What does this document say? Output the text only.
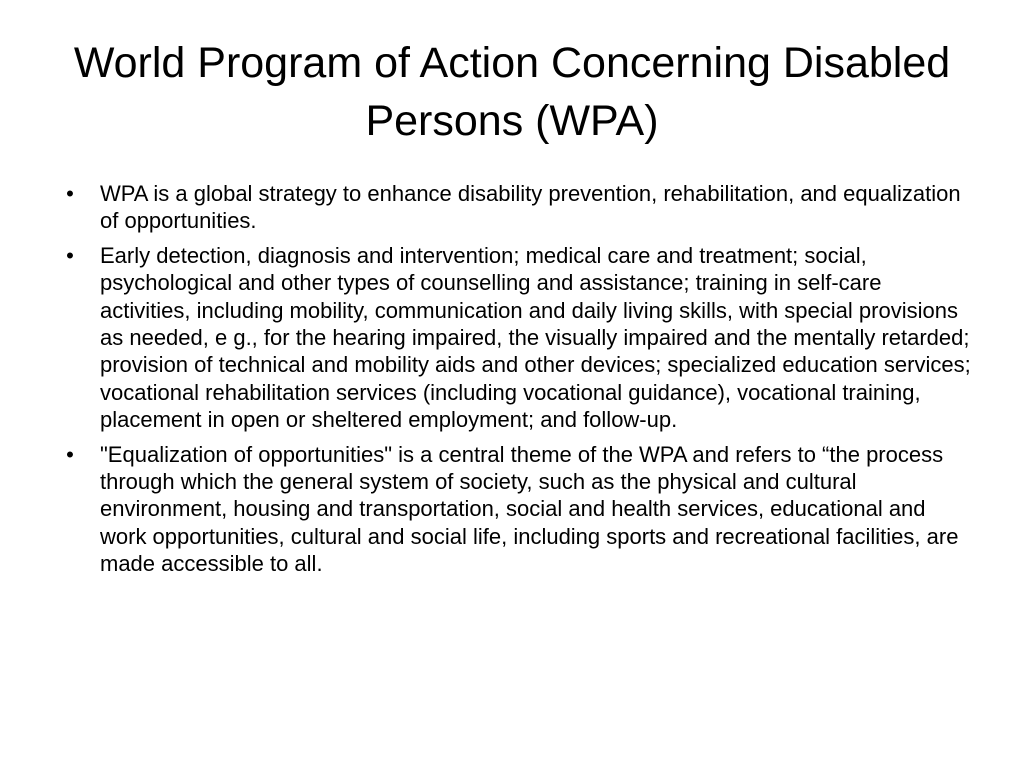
World Program of Action Concerning Disabled Persons (WPA)
• WPA is a global strategy to enhance disability prevention, rehabilitation, and equalization of opportunities.
• Early detection, diagnosis and intervention; medical care and treatment; social, psychological and other types of counselling and assistance; training in self-care activities, including mobility, communication and daily living skills, with special provisions as needed, e g., for the hearing impaired, the visually impaired and the mentally retarded; provision of technical and mobility aids and other devices; specialized education services; vocational rehabilitation services (including vocational guidance), vocational training, placement in open or sheltered employment; and follow-up.
• "Equalization of opportunities" is a central theme of the WPA and refers to “the process through which the general system of society, such as the physical and cultural environment, housing and transportation, social and health services, educational and work opportunities, cultural and social life, including sports and recreational facilities, are made accessible to all.
